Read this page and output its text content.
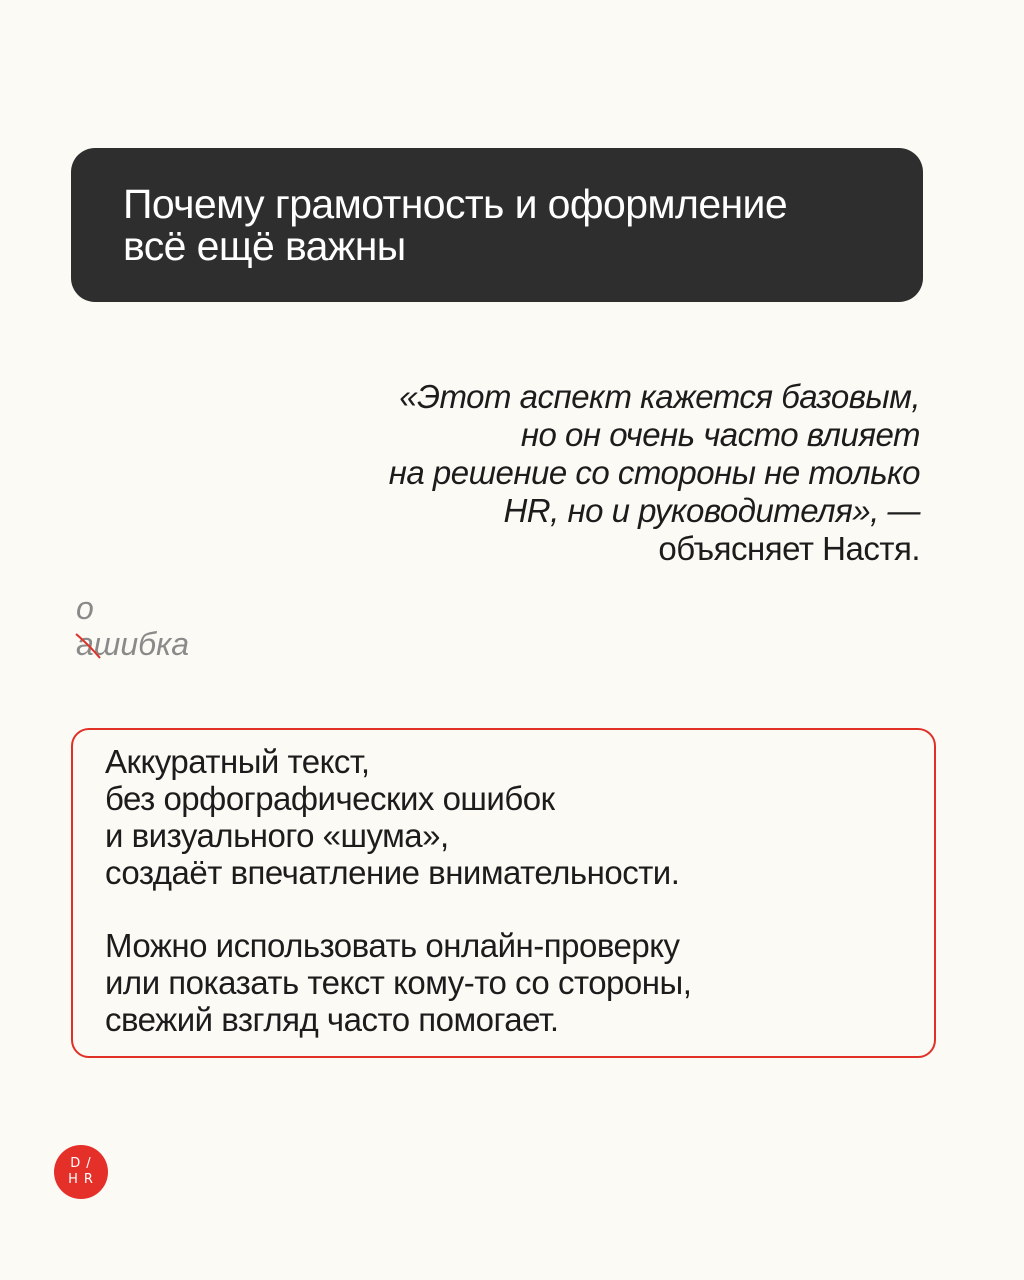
Почему грамотность и оформление
всё ещё важны
«Этот аспект кажется базовым,
но он очень часто влияет
на решение со стороны не только
HR, но и руководителя», —
объясняет Настя.
о
а
шибка
Аккуратный текст,
без орфографических ошибок
и визуального «шума»,
создаёт впечатление внимательности.
Можно использовать онлайн-проверку
или показать текст кому-то со стороны,
свежий взгляд часто помогает.
D/
HR
